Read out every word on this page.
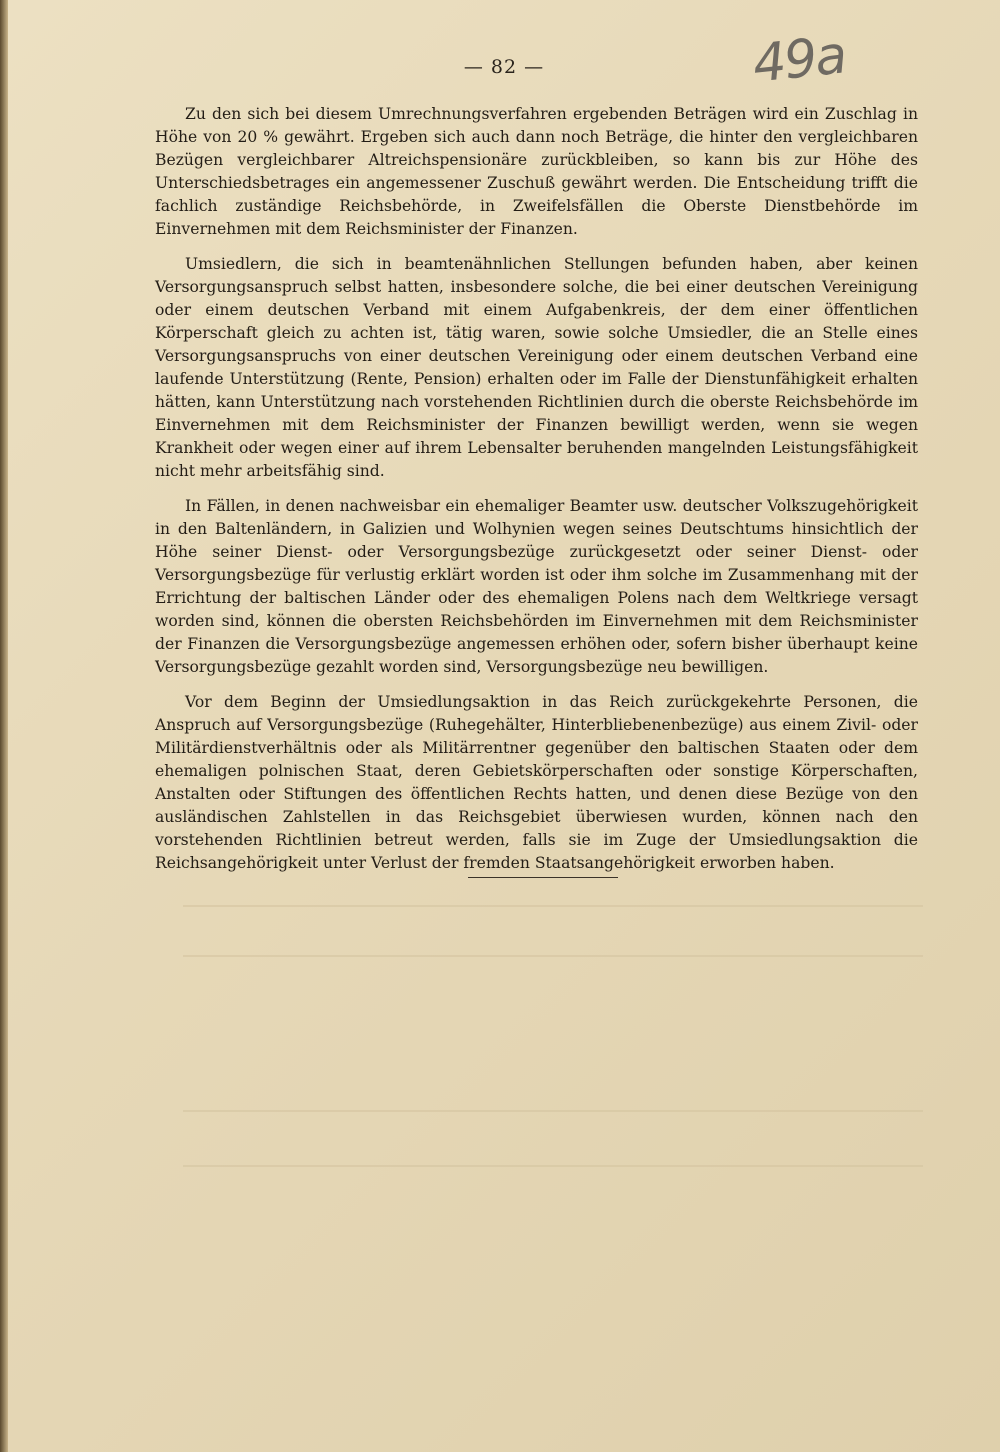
— 82 —	49a

Zu den sich bei diesem Umrechnungsverfahren ergebenden Beträgen wird ein Zuschlag in Höhe von 20 % gewährt. Ergeben sich auch dann noch Beträge, die hinter den vergleichbaren Bezügen vergleichbarer Altreichspensionäre zurückbleiben, so kann bis zur Höhe des Unterschiedsbetrages ein angemessener Zuschuß gewährt werden. Die Entscheidung trifft die fachlich zuständige Reichsbehörde, in Zweifelsfällen die Oberste Dienstbehörde im Einvernehmen mit dem Reichsminister der Finanzen.

Umsiedlern, die sich in beamtenähnlichen Stellungen befunden haben, aber keinen Versorgungsanspruch selbst hatten, insbesondere solche, die bei einer deutschen Vereinigung oder einem deutschen Verband mit einem Aufgabenkreis, der dem einer öffentlichen Körperschaft gleich zu achten ist, tätig waren, sowie solche Umsiedler, die an Stelle eines Versorgungsanspruchs von einer deutschen Vereinigung oder einem deutschen Verband eine laufende Unterstützung (Rente, Pension) erhalten oder im Falle der Dienstunfähigkeit erhalten hätten, kann Unterstützung nach vorstehenden Richtlinien durch die oberste Reichsbehörde im Einvernehmen mit dem Reichsminister der Finanzen bewilligt werden, wenn sie wegen Krankheit oder wegen einer auf ihrem Lebensalter beruhenden mangelnden Leistungsfähigkeit nicht mehr arbeitsfähig sind.

In Fällen, in denen nachweisbar ein ehemaliger Beamter usw. deutscher Volkszugehörigkeit in den Baltenländern, in Galizien und Wolhynien wegen seines Deutschtums hinsichtlich der Höhe seiner Dienst- oder Versorgungsbezüge zurückgesetzt oder seiner Dienst- oder Versorgungsbezüge für verlustig erklärt worden ist oder ihm solche im Zusammenhang mit der Errichtung der baltischen Länder oder des ehemaligen Polens nach dem Weltkriege versagt worden sind, können die obersten Reichsbehörden im Einvernehmen mit dem Reichsminister der Finanzen die Versorgungsbezüge angemessen erhöhen oder, sofern bisher überhaupt keine Versorgungsbezüge gezahlt worden sind, Versorgungsbezüge neu bewilligen.

Vor dem Beginn der Umsiedlungsaktion in das Reich zurückgekehrte Personen, die Anspruch auf Versorgungsbezüge (Ruhegehälter, Hinterbliebenenbezüge) aus einem Zivil- oder Militärdienstverhältnis oder als Militärrentner gegenüber den baltischen Staaten oder dem ehemaligen polnischen Staat, deren Gebietskörperschaften oder sonstige Körperschaften, Anstalten oder Stiftungen des öffentlichen Rechts hatten, und denen diese Bezüge von den ausländischen Zahlstellen in das Reichsgebiet überwiesen wurden, können nach den vorstehenden Richtlinien betreut werden, falls sie im Zuge der Umsiedlungsaktion die Reichsangehörigkeit unter Verlust der fremden Staatsangehörigkeit erworben haben.
